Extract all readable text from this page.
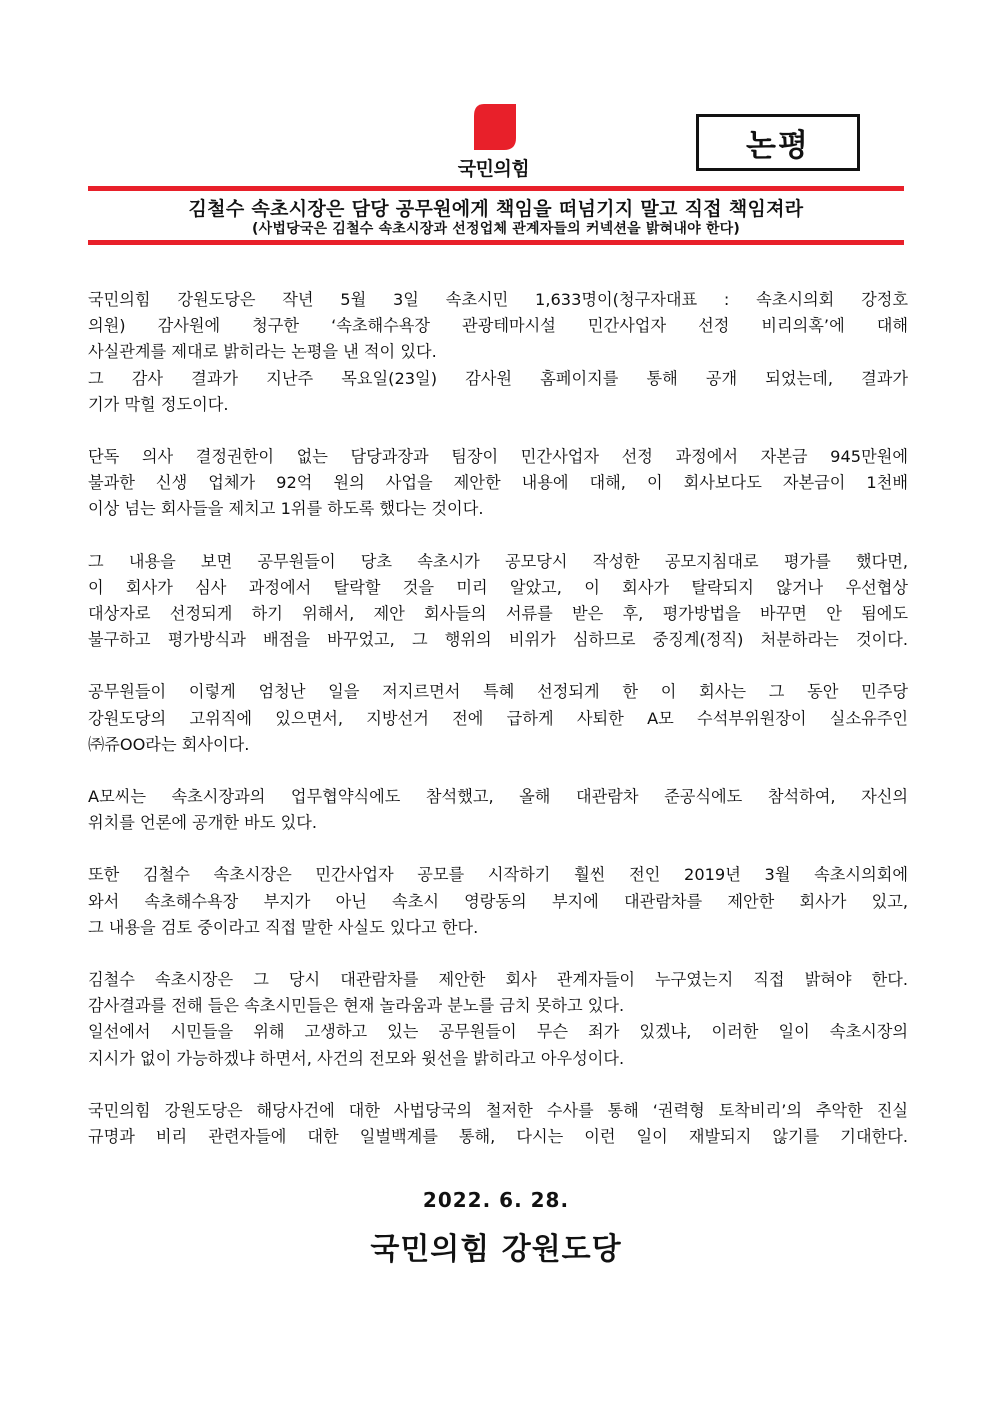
국민의힘
논평
김철수 속초시장은 담당 공무원에게 책임을 떠넘기지 말고 직접 책임져라
(사법당국은 김철수 속초시장과 선정업체 관계자들의 커넥션을 밝혀내야 한다)
국민의힘 강원도당은 작년 5월 3일 속초시민 1,633명이(청구자대표 : 속초시의회 강정호
의원) 감사원에 청구한 ‘속초해수욕장 관광테마시설 민간사업자 선정 비리의혹’에 대해
사실관계를 제대로 밝히라는 논평을 낸 적이 있다.
그 감사 결과가 지난주 목요일(23일) 감사원 홈페이지를 통해 공개 되었는데, 결과가
기가 막힐 정도이다.
단독 의사 결정권한이 없는 담당과장과 팀장이 민간사업자 선정 과정에서 자본금 945만원에
불과한 신생 업체가 92억 원의 사업을 제안한 내용에 대해, 이 회사보다도 자본금이 1천배
이상 넘는 회사들을 제치고 1위를 하도록 했다는 것이다.
그 내용을 보면 공무원들이 당초 속초시가 공모당시 작성한 공모지침대로 평가를 했다면,
이 회사가 심사 과정에서 탈락할 것을 미리 알았고, 이 회사가 탈락되지 않거나 우선협상
대상자로 선정되게 하기 위해서, 제안 회사들의 서류를 받은 후, 평가방법을 바꾸면 안 됨에도
불구하고 평가방식과 배점을 바꾸었고, 그 행위의 비위가 심하므로 중징계(정직) 처분하라는 것이다.
공무원들이 이렇게 엄청난 일을 저지르면서 특혜 선정되게 한 이 회사는 그 동안 민주당
강원도당의 고위직에 있으면서, 지방선거 전에 급하게 사퇴한 A모 수석부위원장이 실소유주인
㈜쥬OO라는 회사이다.
A모씨는 속초시장과의 업무협약식에도 참석했고, 올해 대관람차 준공식에도 참석하여, 자신의
위치를 언론에 공개한 바도 있다.
또한 김철수 속초시장은 민간사업자 공모를 시작하기 훨씬 전인 2019년 3월 속초시의회에
와서 속초해수욕장 부지가 아닌 속초시 영랑동의 부지에 대관람차를 제안한 회사가 있고,
그 내용을 검토 중이라고 직접 말한 사실도 있다고 한다.
김철수 속초시장은 그 당시 대관람차를 제안한 회사 관계자들이 누구였는지 직접 밝혀야 한다.
감사결과를 전해 들은 속초시민들은 현재 놀라움과 분노를 금치 못하고 있다.
일선에서 시민들을 위해 고생하고 있는 공무원들이 무슨 죄가 있겠냐, 이러한 일이 속초시장의
지시가 없이 가능하겠냐 하면서, 사건의 전모와 윗선을 밝히라고 아우성이다.
국민의힘 강원도당은 해당사건에 대한 사법당국의 철저한 수사를 통해 ‘권력형 토착비리’의 추악한 진실
규명과 비리 관련자들에 대한 일벌백계를 통해, 다시는 이런 일이 재발되지 않기를 기대한다.
2022. 6. 28.
국민의힘 강원도당
